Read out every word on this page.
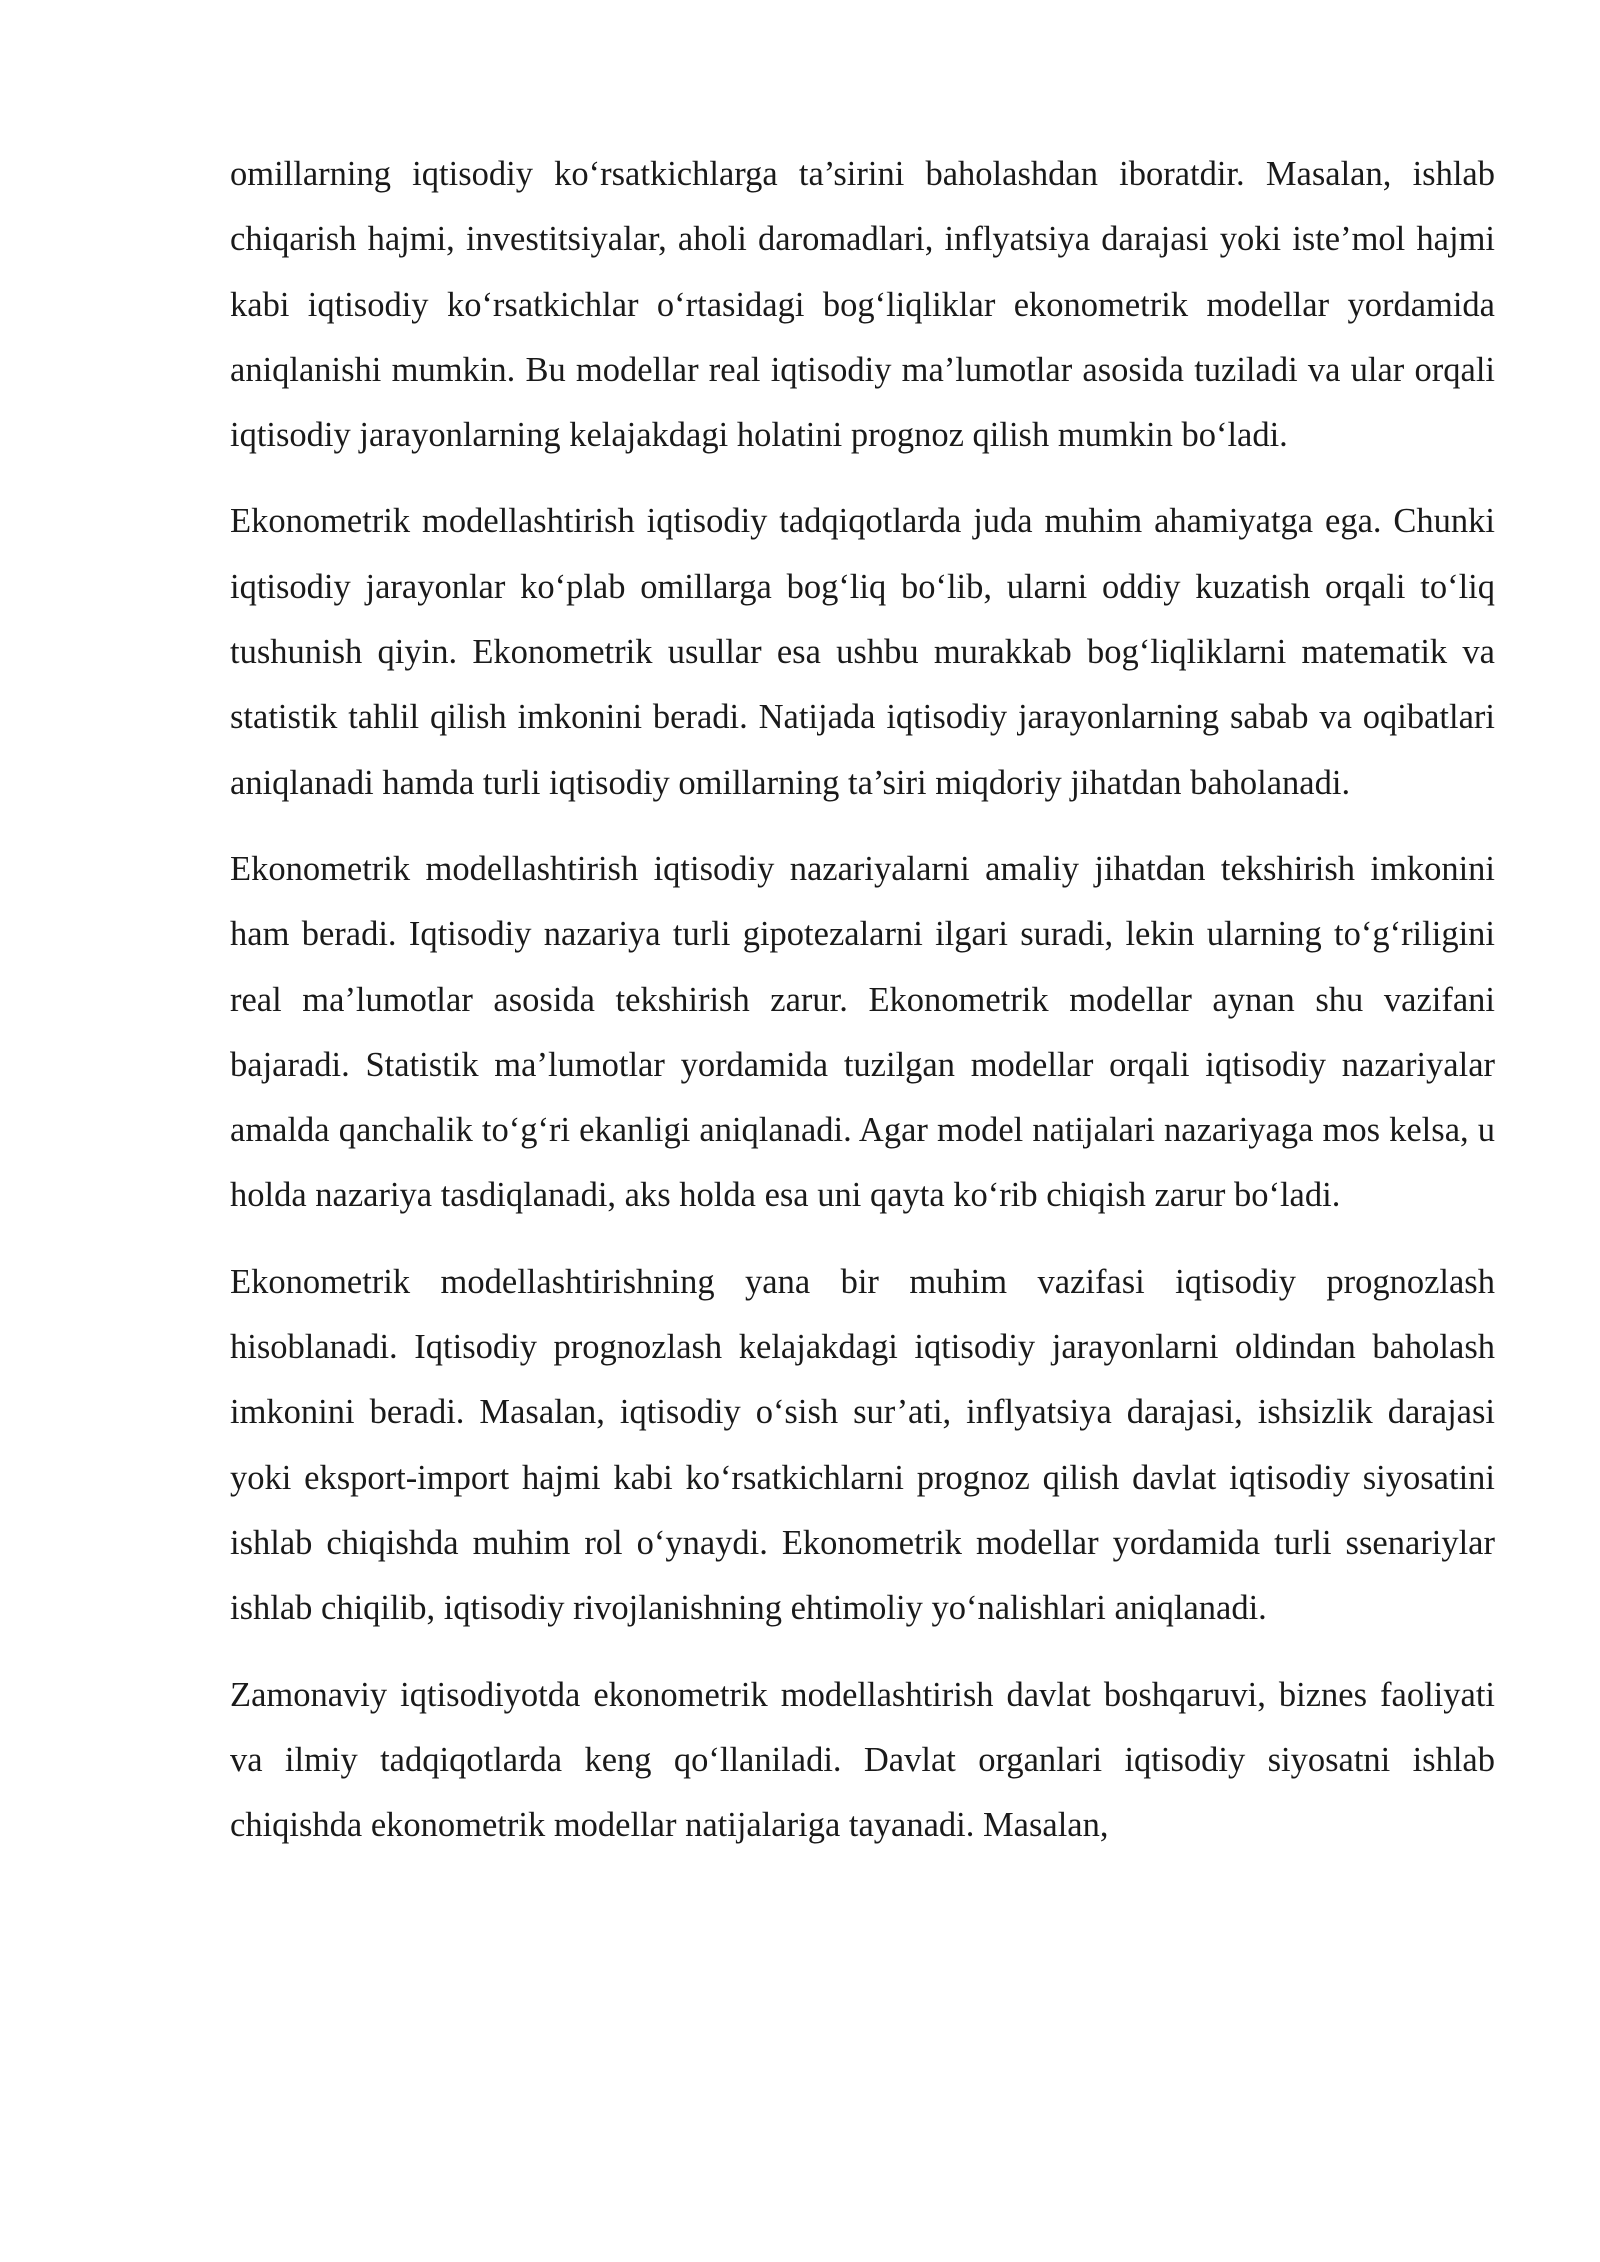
omillarning iqtisodiy ko‘rsatkichlarga ta’sirini baholashdan iboratdir. Masalan, ishlab chiqarish hajmi, investitsiyalar, aholi daromadlari, inflyatsiya darajasi yoki iste’mol hajmi kabi iqtisodiy ko‘rsatkichlar o‘rtasidagi bog‘liqliklar ekonometrik modellar yordamida aniqlanishi mumkin. Bu modellar real iqtisodiy ma’lumotlar asosida tuziladi va ular orqali iqtisodiy jarayonlarning kelajakdagi holatini prognoz qilish mumkin bo‘ladi.

Ekonometrik modellashtirish iqtisodiy tadqiqotlarda juda muhim ahamiyatga ega. Chunki iqtisodiy jarayonlar ko‘plab omillarga bog‘liq bo‘lib, ularni oddiy kuzatish orqali to‘liq tushunish qiyin. Ekonometrik usullar esa ushbu murakkab bog‘liqliklarni matematik va statistik tahlil qilish imkonini beradi. Natijada iqtisodiy jarayonlarning sabab va oqibatlari aniqlanadi hamda turli iqtisodiy omillarning ta’siri miqdoriy jihatdan baholanadi.

Ekonometrik modellashtirish iqtisodiy nazariyalarni amaliy jihatdan tekshirish imkonini ham beradi. Iqtisodiy nazariya turli gipotezalarni ilgari suradi, lekin ularning to‘g‘riligini real ma’lumotlar asosida tekshirish zarur. Ekonometrik modellar aynan shu vazifani bajaradi. Statistik ma’lumotlar yordamida tuzilgan modellar orqali iqtisodiy nazariyalar amalda qanchalik to‘g‘ri ekanligi aniqlanadi. Agar model natijalari nazariyaga mos kelsa, u holda nazariya tasdiqlanadi, aks holda esa uni qayta ko‘rib chiqish zarur bo‘ladi.

Ekonometrik modellashtirishning yana bir muhim vazifasi iqtisodiy prognozlash hisoblanadi. Iqtisodiy prognozlash kelajakdagi iqtisodiy jarayonlarni oldindan baholash imkonini beradi. Masalan, iqtisodiy o‘sish sur’ati, inflyatsiya darajasi, ishsizlik darajasi yoki eksport-import hajmi kabi ko‘rsatkichlarni prognoz qilish davlat iqtisodiy siyosatini ishlab chiqishda muhim rol o‘ynaydi. Ekonometrik modellar yordamida turli ssenariylar ishlab chiqilib, iqtisodiy rivojlanishning ehtimoliy yo‘nalishlari aniqlanadi.

Zamonaviy iqtisodiyotda ekonometrik modellashtirish davlat boshqaruvi, biznes faoliyati va ilmiy tadqiqotlarda keng qo‘llaniladi. Davlat organlari iqtisodiy siyosatni ishlab chiqishda ekonometrik modellar natijalariga tayanadi. Masalan,
